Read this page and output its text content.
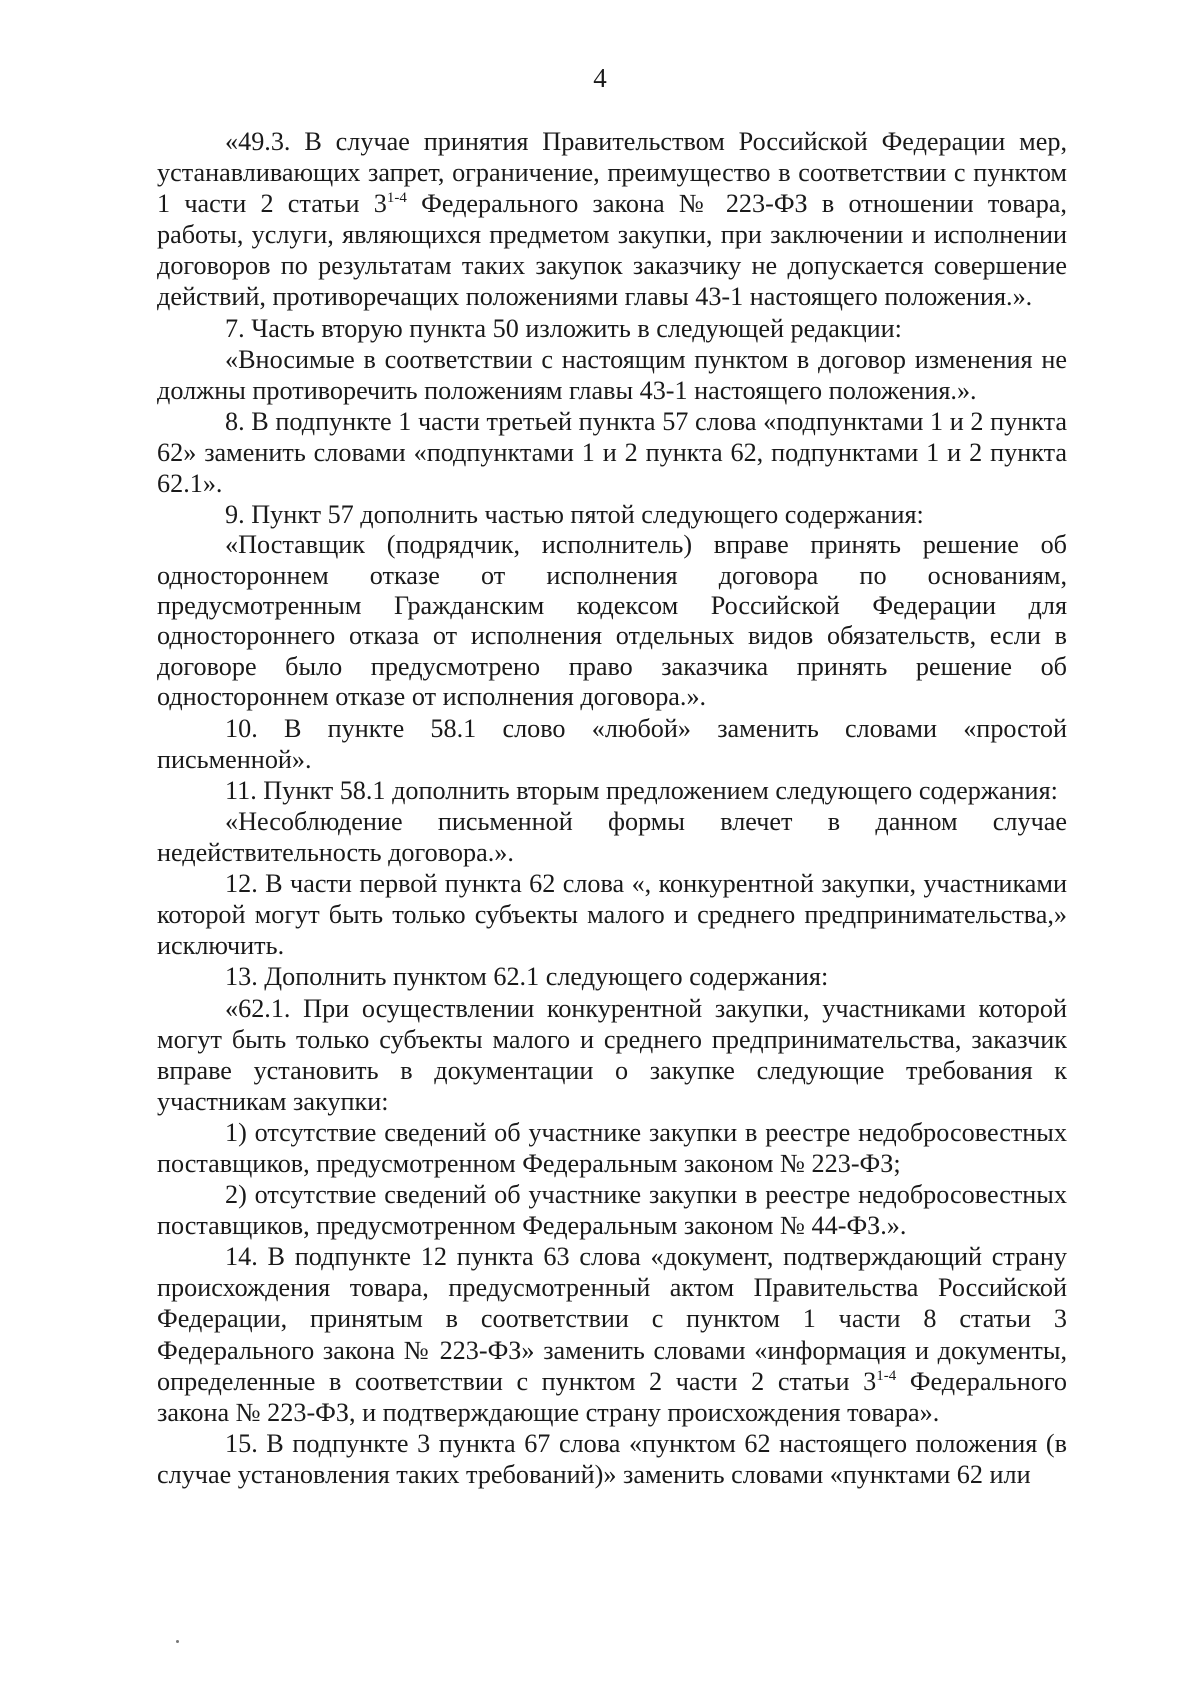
4

«49.3. В случае принятия Правительством Российской Федерации мер, устанавливающих запрет, ограничение, преимущество в соответствии с пунктом 1 части 2 статьи 3$^{1-4}$ Федерального закона № 223-ФЗ в отношении товара, работы, услуги, являющихся предметом закупки, при заключении и исполнении договоров по результатам таких закупок заказчику не допускается совершение действий, противоречащих положениями главы 43-1 настоящего положения.».

7. Часть вторую пункта 50 изложить в следующей редакции:

«Вносимые в соответствии с настоящим пунктом в договор изменения не должны противоречить положениям главы 43-1 настоящего положения.».

8. В подпункте 1 части третьей пункта 57 слова «подпунктами 1 и 2 пункта 62» заменить словами «подпунктами 1 и 2 пункта 62, подпунктами 1 и 2 пункта 62.1».

9. Пункт 57 дополнить частью пятой следующего содержания:

«Поставщик (подрядчик, исполнитель) вправе принять решение об одностороннем отказе от исполнения договора по основаниям, предусмотренным Гражданским кодексом Российской Федерации для одностороннего отказа от исполнения отдельных видов обязательств, если в договоре было предусмотрено право заказчика принять решение об одностороннем отказе от исполнения договора.».

10. В пункте 58.1 слово «любой» заменить словами «простой письменной».

11. Пункт 58.1 дополнить вторым предложением следующего содержания:

«Несоблюдение письменной формы влечет в данном случае недействительность договора.».

12. В части первой пункта 62 слова «, конкурентной закупки, участниками которой могут быть только субъекты малого и среднего предпринимательства,» исключить.

13. Дополнить пунктом 62.1 следующего содержания:

«62.1. При осуществлении конкурентной закупки, участниками которой могут быть только субъекты малого и среднего предпринимательства, заказчик вправе установить в документации о закупке следующие требования к участникам закупки:

1) отсутствие сведений об участнике закупки в реестре недобросовестных поставщиков, предусмотренном Федеральным законом № 223-ФЗ;

2) отсутствие сведений об участнике закупки в реестре недобросовестных поставщиков, предусмотренном Федеральным законом № 44-ФЗ.».

14. В подпункте 12 пункта 63 слова «документ, подтверждающий страну происхождения товара, предусмотренный актом Правительства Российской Федерации, принятым в соответствии с пунктом 1 части 8 статьи 3 Федерального закона № 223-ФЗ» заменить словами «информация и документы, определенные в соответствии с пунктом 2 части 2 статьи 3$^{1-4}$ Федерального закона № 223-ФЗ, и подтверждающие страну происхождения товара».

15. В подпункте 3 пункта 67 слова «пунктом 62 настоящего положения (в случае установления таких требований)» заменить словами «пунктами 62 или
